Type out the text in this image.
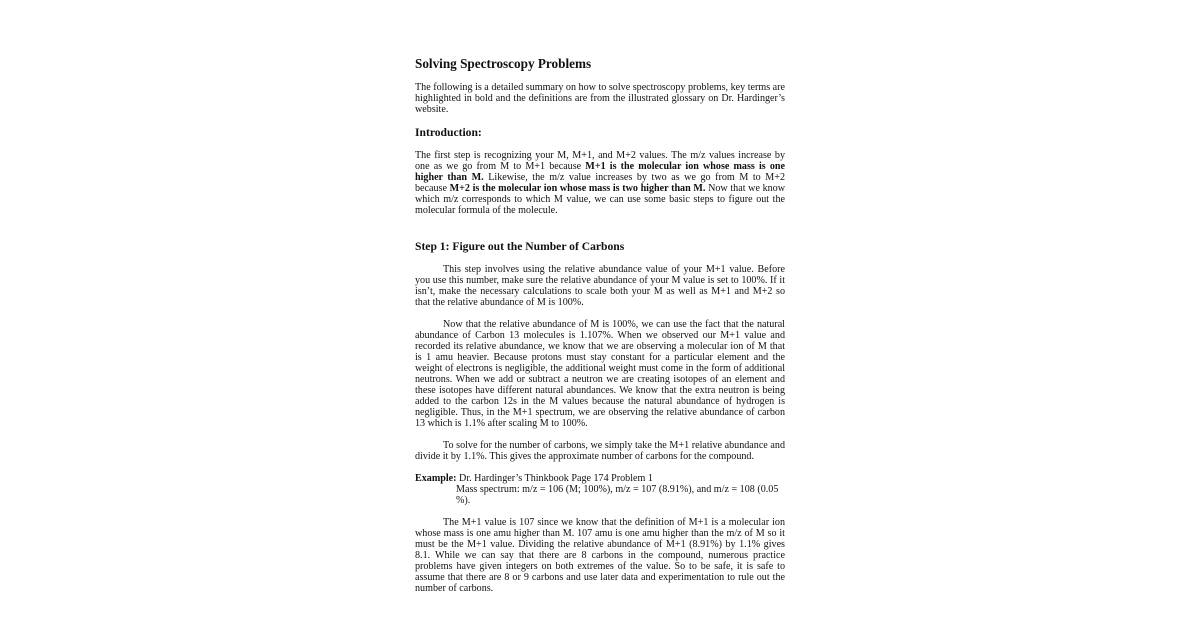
Solving Spectroscopy Problems

The following is a detailed summary on how to solve spectroscopy problems, key terms are highlighted in bold and the definitions are from the illustrated glossary on Dr. Hardinger’s website.

Introduction:

The first step is recognizing your M, M+1, and M+2 values. The m/z values increase by one as we go from M to M+1 because M+1 is the molecular ion whose mass is one higher than M. Likewise, the m/z value increases by two as we go from M to M+2 because M+2 is the molecular ion whose mass is two higher than M. Now that we know which m/z corresponds to which M value, we can use some basic steps to figure out the molecular formula of the molecule.

Step 1: Figure out the Number of Carbons

This step involves using the relative abundance value of your M+1 value. Before you use this number, make sure the relative abundance of your M value is set to 100%. If it isn’t, make the necessary calculations to scale both your M as well as M+1 and M+2 so that the relative abundance of M is 100%.

Now that the relative abundance of M is 100%, we can use the fact that the natural abundance of Carbon 13 molecules is 1.107%. When we observed our M+1 value and recorded its relative abundance, we know that we are observing a molecular ion of M that is 1 amu heavier. Because protons must stay constant for a particular element and the weight of electrons is negligible, the additional weight must come in the form of additional neutrons. When we add or subtract a neutron we are creating isotopes of an element and these isotopes have different natural abundances. We know that the extra neutron is being added to the carbon 12s in the M values because the natural abundance of hydrogen is negligible. Thus, in the M+1 spectrum, we are observing the relative abundance of carbon 13 which is 1.1% after scaling M to 100%.

To solve for the number of carbons, we simply take the M+1 relative abundance and divide it by 1.1%. This gives the approximate number of carbons for the compound.

Example: Dr. Hardinger’s Thinkbook Page 174 Problem 1

Mass spectrum: m/z = 106 (M; 100%), m/z = 107 (8.91%), and m/z = 108 (0.05 %).

The M+1 value is 107 since we know that the definition of M+1 is a molecular ion whose mass is one amu higher than M. 107 amu is one amu higher than the m/z of M so it must be the M+1 value. Dividing the relative abundance of M+1 (8.91%) by 1.1% gives 8.1. While we can say that there are 8 carbons in the compound, numerous practice problems have given integers on both extremes of the value. So to be safe, it is safe to assume that there are 8 or 9 carbons and use later data and experimentation to rule out the number of carbons.
